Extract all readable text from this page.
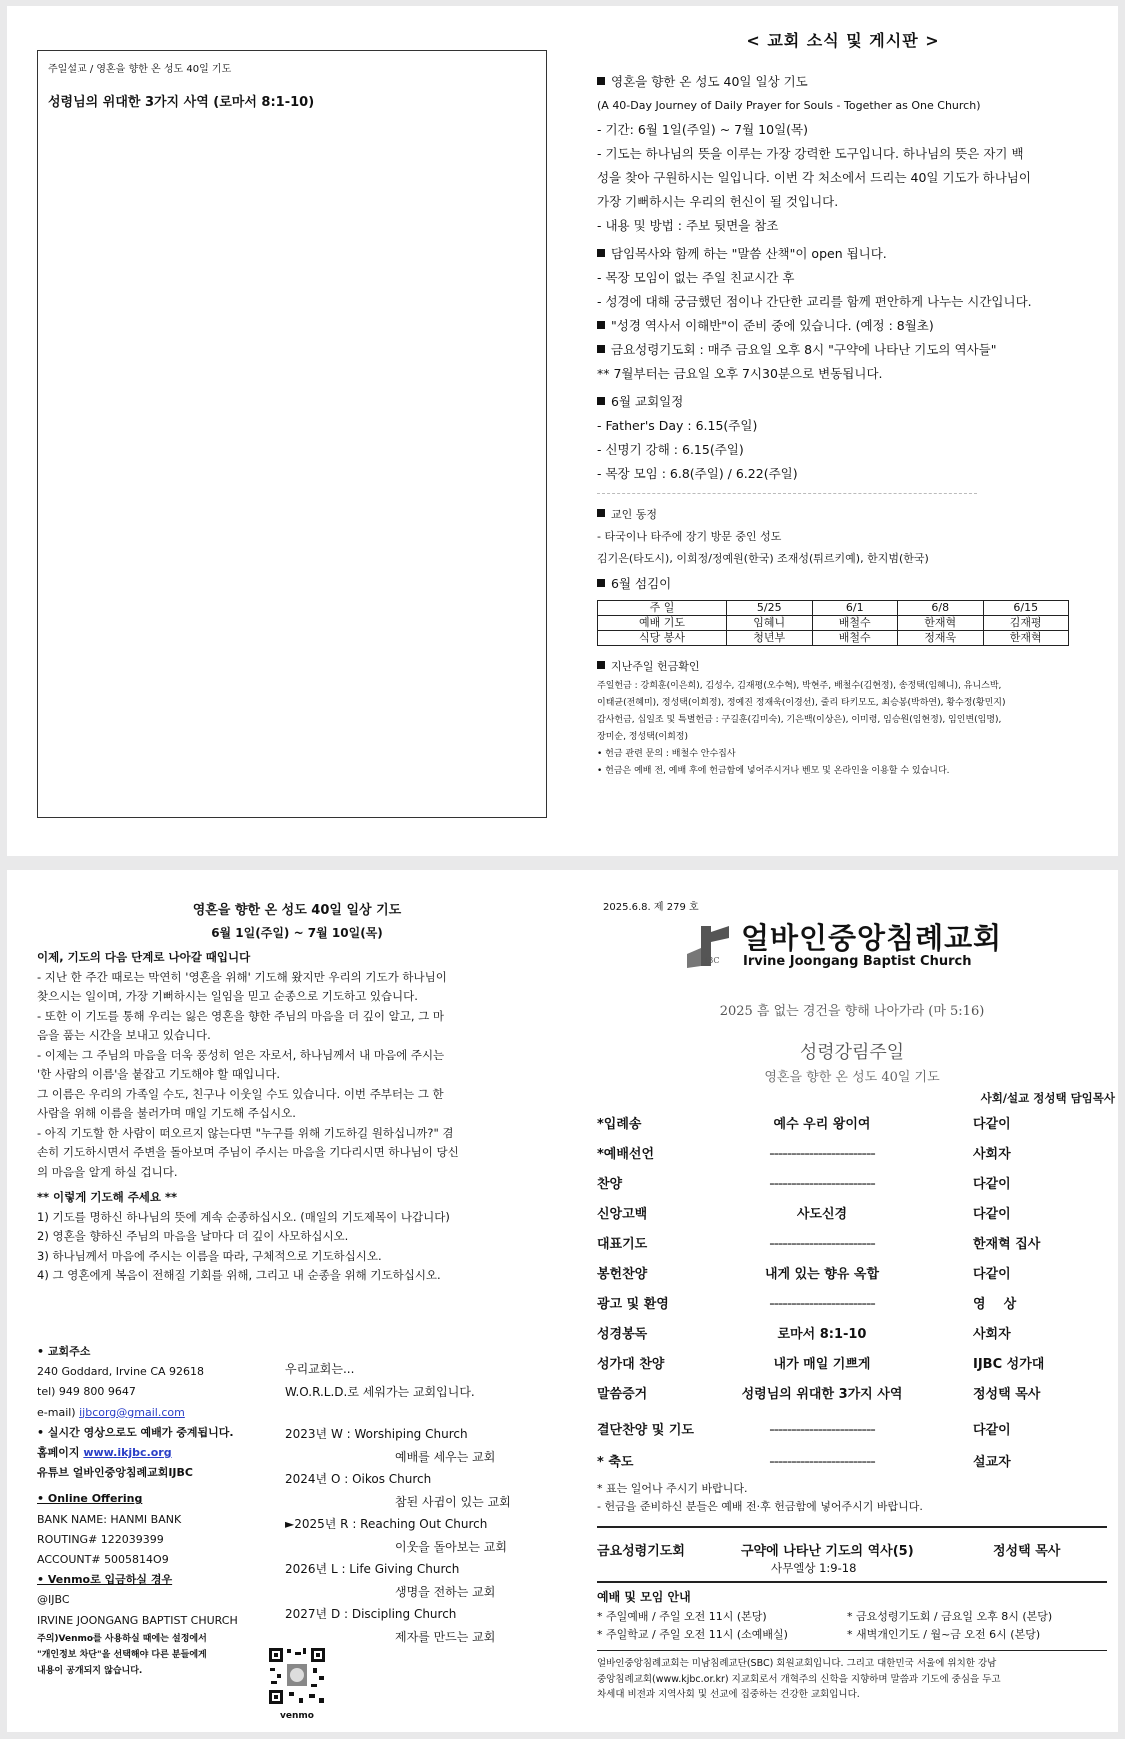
주일설교 / 영혼을 향한 온 성도 40일 기도
성령님의 위대한 3가지 사역 (로마서 8:1-10)
< 교회 소식 및 게시판 >
영혼을 향한 온 성도 40일 일상 기도
(A 40-Day Journey of Daily Prayer for Souls - Together as One Church)
- 기간: 6월 1일(주일) ~ 7월 10일(목)
- 기도는 하나님의 뜻을 이루는 가장 강력한 도구입니다. 하나님의 뜻은 자기 백
성을 찾아 구원하시는 일입니다. 이번 각 처소에서 드리는 40일 기도가 하나님이
가장 기뻐하시는 우리의 헌신이 될 것입니다.
- 내용 및 방법 : 주보 뒷면을 참조
담임목사와 함께 하는 "말씀 산책"이 open 됩니다.
- 목장 모임이 없는 주일 친교시간 후
- 성경에 대해 궁금했던 점이나 간단한 교리를 함께 편안하게 나누는 시간입니다.
"성경 역사서 이해반"이 준비 중에 있습니다. (예정 : 8월초)
금요성령기도회 : 매주 금요일 오후 8시 "구약에 나타난 기도의 역사들"
** 7월부터는 금요일 오후 7시30분으로 변동됩니다.
6월 교회일정
- Father's Day : 6.15(주일)
- 신명기 강해 : 6.15(주일)
- 목장 모임 : 6.8(주일) / 6.22(주일)
교인 동정
- 타국이나 타주에 장기 방문 중인 성도
김기은(타도시), 이희정/정예원(한국) 조재성(튀르키예), 한지범(한국)
6월 섬김이
주 일	5/25	6/1	6/8	6/15
예배 기도	임혜니	배철수	한재혁	김재평
식당 봉사	청년부	배철수	정재욱	한재혁
지난주일 헌금확인
주일헌금 : 강희훈(이은희), 김성수, 김재평(오수혁), 박현주, 배철수(김현정), 송정택(임혜니), 유니스박,
이태균(전혜미), 정성택(이희정), 정예진 정재욱(이경선), 줄리 타키모도, 최승봉(박하연), 황수정(황민지)
감사헌금, 십일조 및 특별헌금 : 구길훈(김미숙), 기은백(이상은), 이미령, 임승원(임현정), 임인변(임명),
장미순, 정성택(이희정)
• 헌금 관련 문의 : 배철수 안수집사
• 헌금은 예배 전, 예배 후에 헌금함에 넣어주시거나 벤모 및 온라인을 이용할 수 있습니다.
영혼을 향한 온 성도 40일 일상 기도
6월 1일(주일) ~ 7월 10일(목)
이제, 기도의 다음 단계로 나아갈 때입니다
- 지난 한 주간 때로는 막연히 '영혼을 위해' 기도해 왔지만 우리의 기도가 하나님이
찾으시는 일이며, 가장 기뻐하시는 일임을 믿고 순종으로 기도하고 있습니다.
- 또한 이 기도를 통해 우리는 잃은 영혼을 향한 주님의 마음을 더 깊이 알고, 그 마
음을 품는 시간을 보내고 있습니다.
- 이제는 그 주님의 마음을 더욱 풍성히 얻은 자로서, 하나님께서 내 마음에 주시는
'한 사람의 이름'을 붙잡고 기도해야 할 때입니다.
그 이름은 우리의 가족일 수도, 친구나 이웃일 수도 있습니다. 이번 주부터는 그 한
사람을 위해 이름을 불러가며 매일 기도해 주십시오.
- 아직 기도할 한 사람이 떠오르지 않는다면 "누구를 위해 기도하길 원하십니까?" 겸
손히 기도하시면서 주변을 돌아보며 주님이 주시는 마음을 기다리시면 하나님이 당신
의 마음을 알게 하실 겁니다.
** 이렇게 기도해 주세요 **
1) 기도를 명하신 하나님의 뜻에 계속 순종하십시오. (매일의 기도제목이 나갑니다)
2) 영혼을 향하신 주님의 마음을 날마다 더 깊이 사모하십시오.
3) 하나님께서 마음에 주시는 이름을 따라, 구체적으로 기도하십시오.
4) 그 영혼에게 복음이 전해질 기회를 위해, 그리고 내 순종을 위해 기도하십시오.
• 교회주소
240 Goddard, Irvine CA 92618
tel) 949 800 9647
e-mail) ijbcorg@gmail.com
• 실시간 영상으로도 예배가 중계됩니다.
홈페이지 www.ikjbc.org
유튜브 얼바인중앙침례교회IJBC
• Online Offering
BANK NAME: HANMI BANK
ROUTING# 122039399
ACCOUNT# 5005814O9
• Venmo로 입금하실 경우
@IJBC
IRVINE JOONGANG BAPTIST CHURCH
주의)Venmo를 사용하실 때에는 설정에서
"개인정보 차단"을 선택해야 다른 분들에게
내용이 공개되지 않습니다.
venmo
우리교회는...
W.O.R.L.D.로 세워가는 교회입니다.
2023년 W : Worshiping Church
예배를 세우는 교회
2024년 O : Oikos Church
참된 사귐이 있는 교회
►2025년 R : Reaching Out Church
이웃을 돌아보는 교회
2026년 L : Life Giving Church
생명을 전하는 교회
2027년 D : Discipling Church
제자를 만드는 교회
2025.6.8. 제 279 호
IJBC
얼바인중앙침례교회
Irvine Joongang Baptist Church
2025 흠 없는 경건을 향해 나아가라 (마 5:16)
성령강림주일
영혼을 향한 온 성도 40일 기도
사회/설교 정성택 담임목사
*입례송	예수 우리 왕이여	다같이
*예배선언	------------------------	사회자
찬양	------------------------	다같이
신앙고백	사도신경	다같이
대표기도	------------------------	한재혁 집사
봉헌찬양	내게 있는 향유 옥합	다같이
광고 및 환영	------------------------	영    상
성경봉독	로마서 8:1-10	사회자
성가대 찬양	내가 매일 기쁘게	IJBC 성가대
말씀증거	성령님의 위대한 3가지 사역	정성택 목사
결단찬양 및 기도	------------------------	다같이
* 축도	------------------------	설교자
* 표는 일어나 주시기 바랍니다.
- 헌금을 준비하신 분들은 예배 전·후 헌금함에 넣어주시기 바랍니다.
금요성령기도회	구약에 나타난 기도의 역사(5)	정성택 목사
사무엘상 1:9-18
예배 및 모임 안내
* 주일예배 / 주일 오전 11시 (본당)
* 주일학교 / 주일 오전 11시 (소예배실)
* 금요성령기도회 / 금요일 오후 8시 (본당)
* 새벽개인기도 / 월~금 오전 6시 (본당)
얼바인중앙침례교회는 미남침례교단(SBC) 회원교회입니다. 그리고 대한민국 서울에 위치한 강남
중앙침례교회(www.kjbc.or.kr) 지교회로서 개혁주의 신학을 지향하며 말씀과 기도에 중심을 두고
차세대 비전과 지역사회 및 선교에 집중하는 건강한 교회입니다.
